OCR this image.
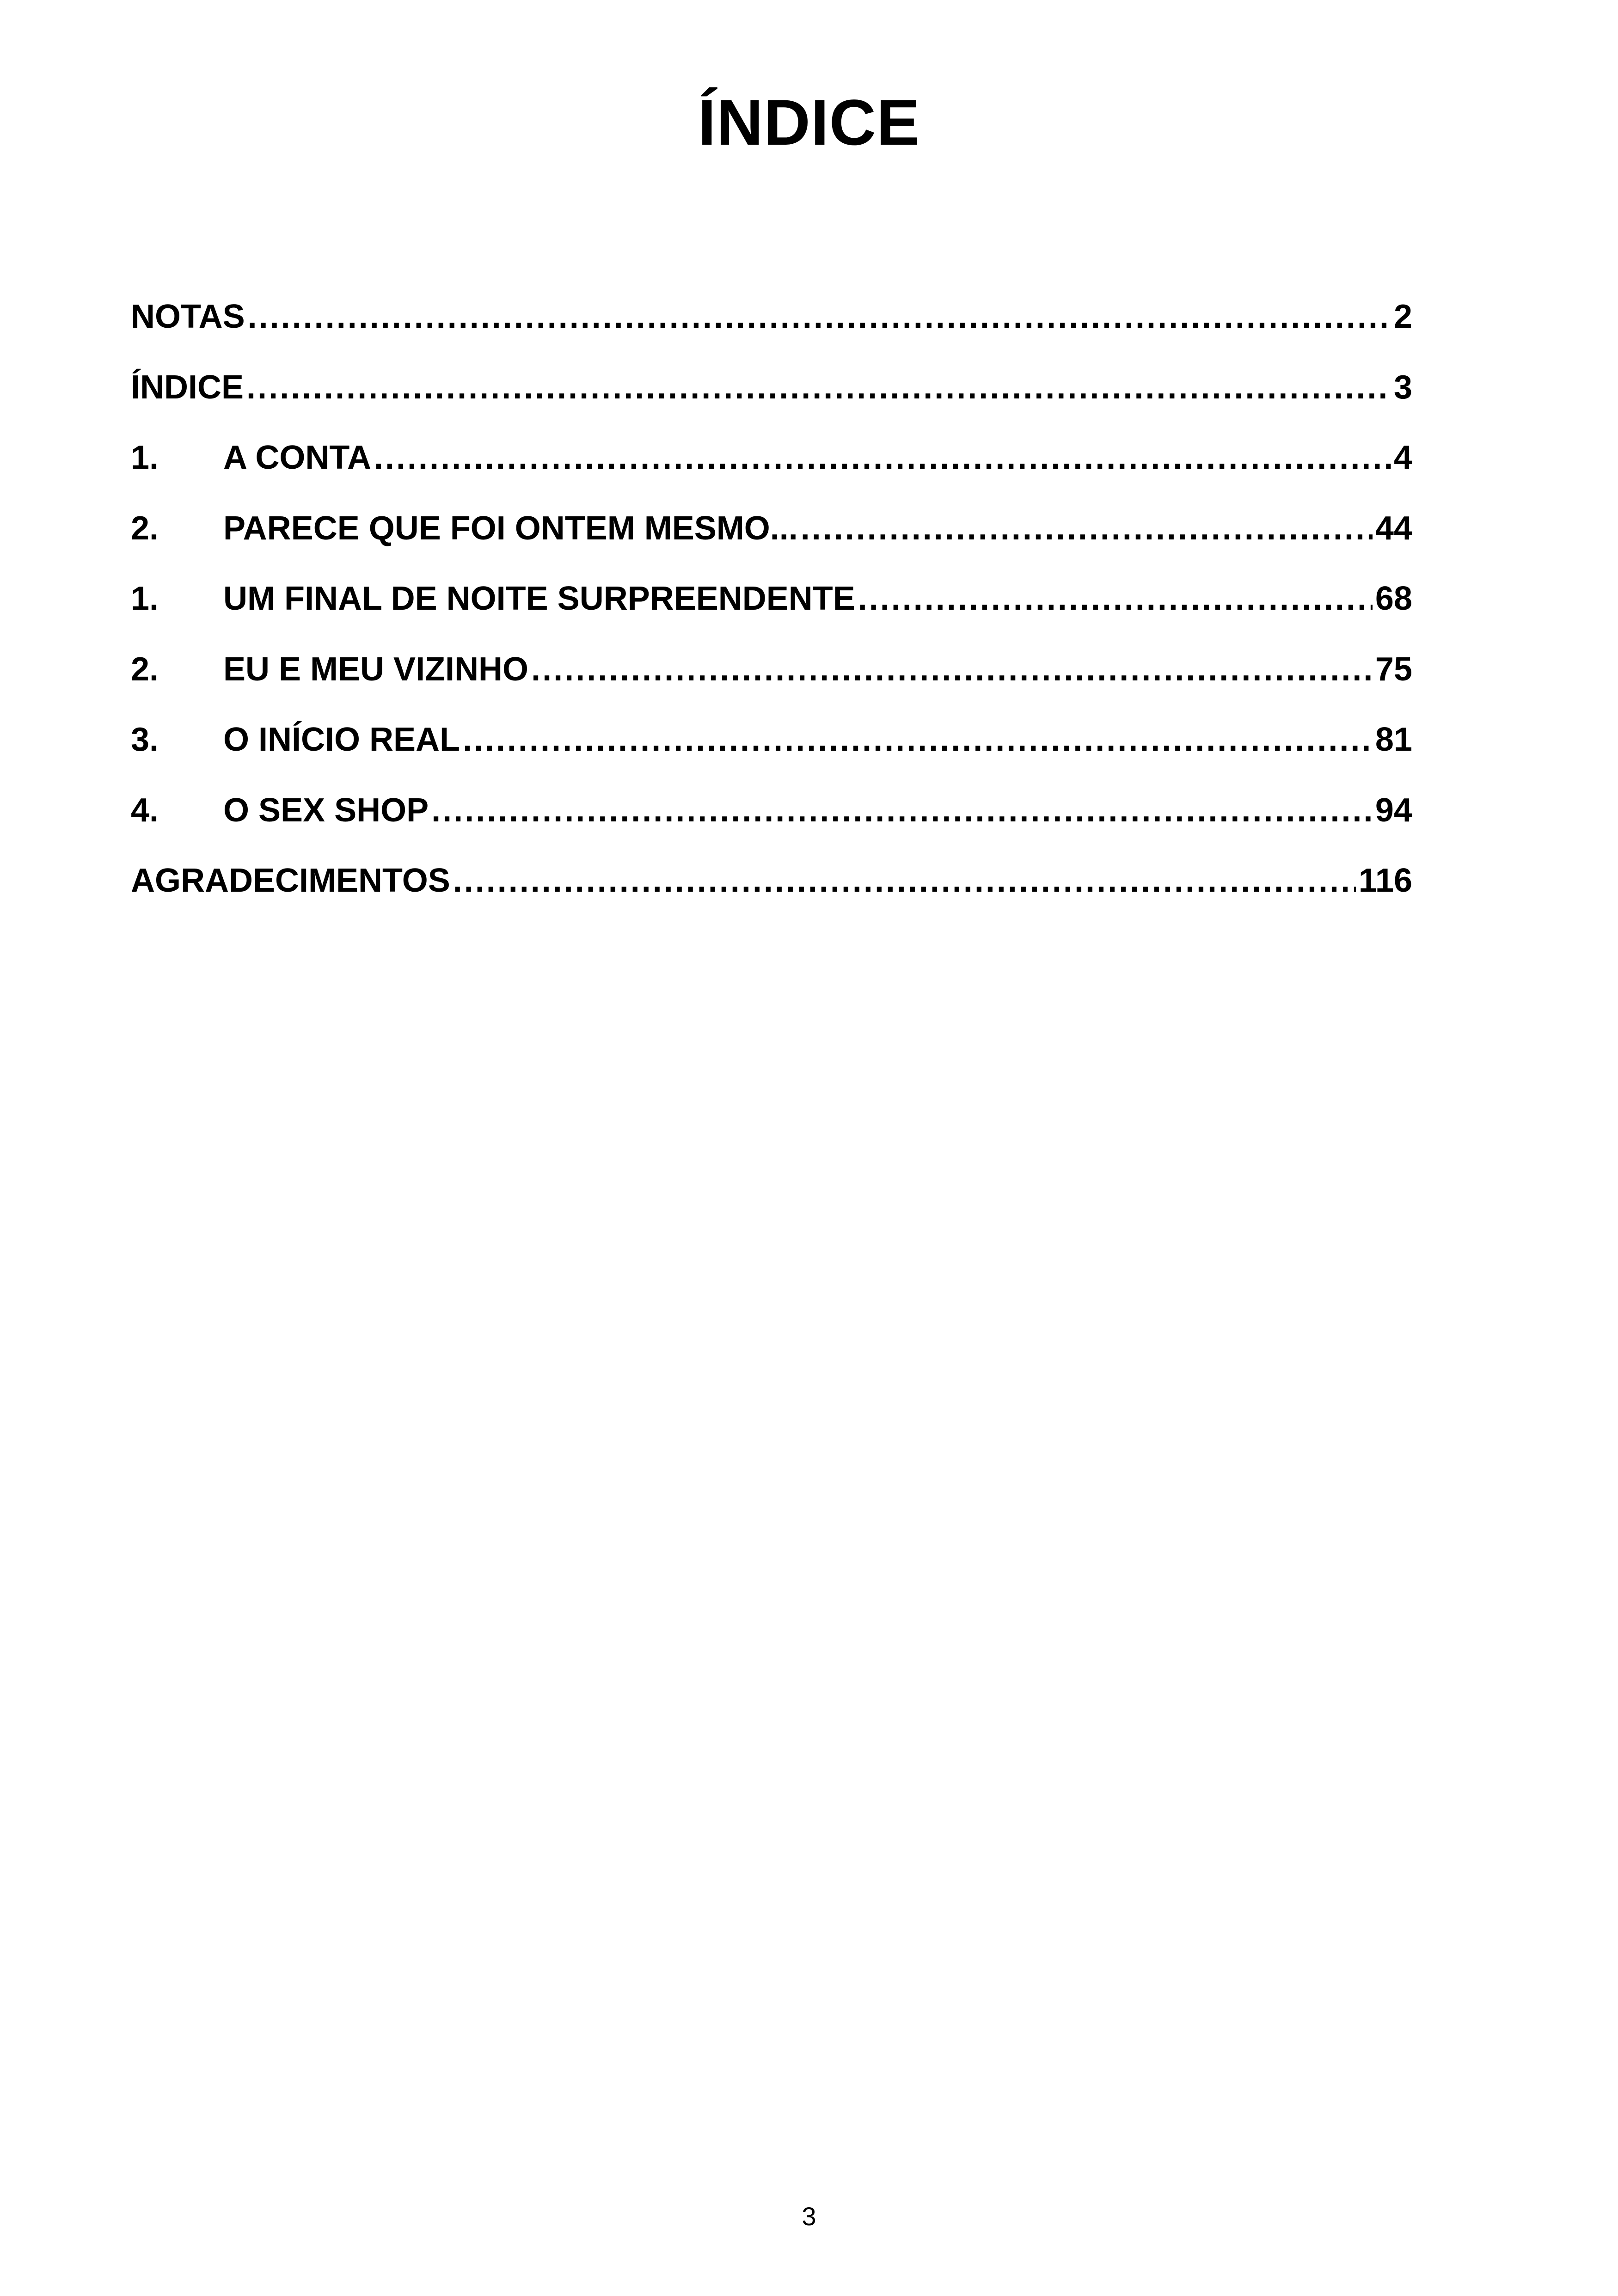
ÍNDICE
NOTAS .....	2
ÍNDICE .....	3
1.	A CONTA .....	4
2.	PARECE QUE FOI ONTEM MESMO... .....	44
1.	UM FINAL DE NOITE SURPREENDENTE .....	68
2.	EU E MEU VIZINHO .....	75
3.	O INÍCIO REAL .....	81
4.	O SEX SHOP .....	94
AGRADECIMENTOS .....	116
3
